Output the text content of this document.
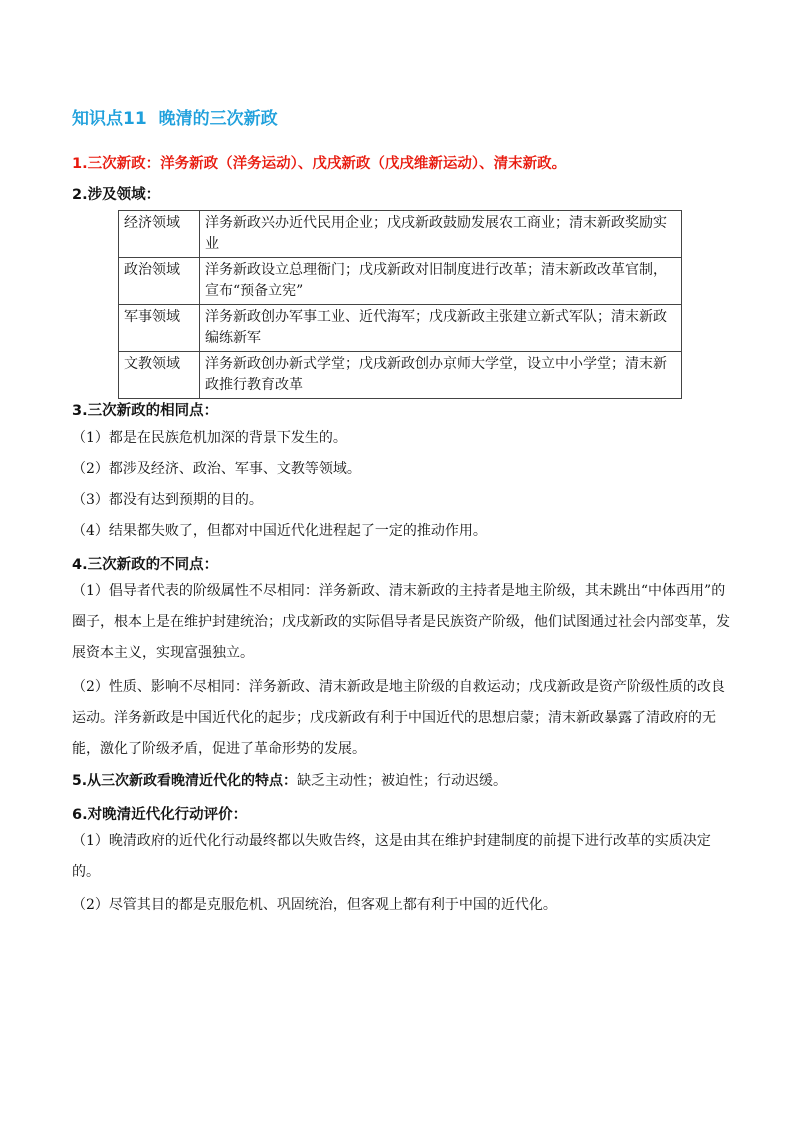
知识点11 晚清的三次新政
1.三次新政：洋务新政（洋务运动）、戊戌新政（戊戌维新运动）、清末新政。
2.涉及领域：
经济领域	洋务新政兴办近代民用企业；戊戌新政鼓励发展农工商业；清末新政奖励实业
政治领域	洋务新政设立总理衙门；戊戌新政对旧制度进行改革；清末新政改革官制，宣布“预备立宪”
军事领域	洋务新政创办军事工业、近代海军；戊戌新政主张建立新式军队；清末新政编练新军
文教领域	洋务新政创办新式学堂；戊戌新政创办京师大学堂，设立中小学堂；清末新政推行教育改革
3.三次新政的相同点：
（1）都是在民族危机加深的背景下发生的。
（2）都涉及经济、政治、军事、文教等领域。
（3）都没有达到预期的目的。
（4）结果都失败了，但都对中国近代化进程起了一定的推动作用。
4.三次新政的不同点：
（1）倡导者代表的阶级属性不尽相同：洋务新政、清末新政的主持者是地主阶级，其未跳出“中体西用”的圈子，根本上是在维护封建统治；戊戌新政的实际倡导者是民族资产阶级，他们试图通过社会内部变革，发展资本主义，实现富强独立。
（2）性质、影响不尽相同：洋务新政、清末新政是地主阶级的自救运动；戊戌新政是资产阶级性质的改良运动。洋务新政是中国近代化的起步；戊戌新政有利于中国近代的思想启蒙；清末新政暴露了清政府的无能，激化了阶级矛盾，促进了革命形势的发展。
5.从三次新政看晚清近代化的特点：缺乏主动性；被迫性；行动迟缓。
6.对晚清近代化行动评价：
（1）晚清政府的近代化行动最终都以失败告终，这是由其在维护封建制度的前提下进行改革的实质决定的。
（2）尽管其目的都是克服危机、巩固统治，但客观上都有利于中国的近代化。
